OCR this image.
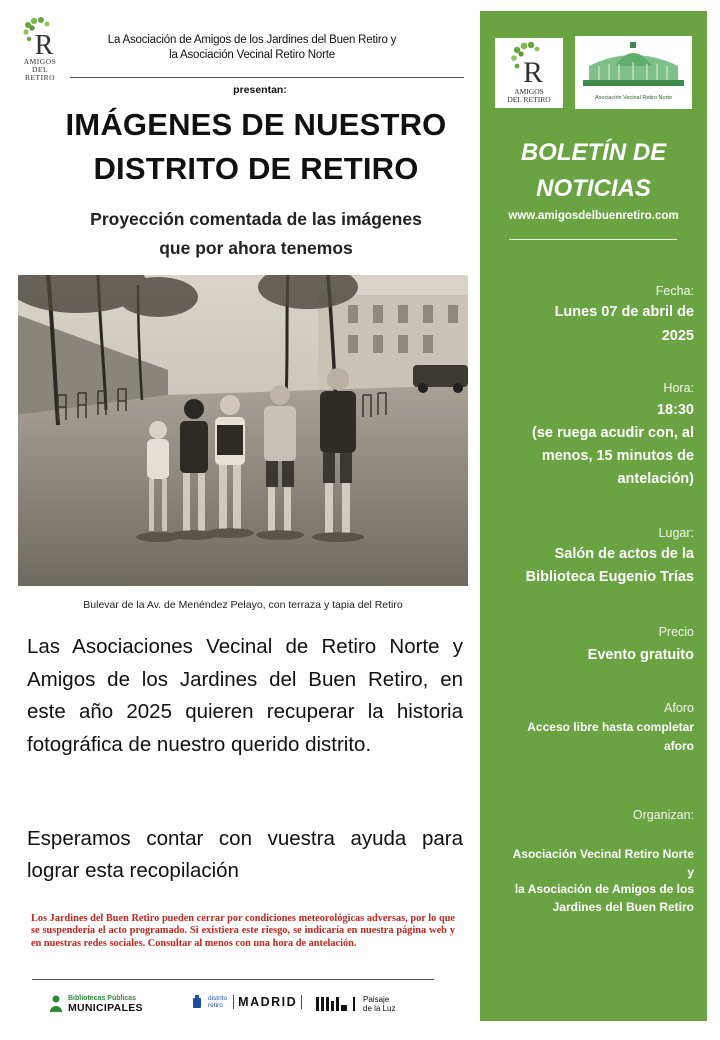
R
AMIGOS
DEL RETIRO
La Asociación de Amigos de los Jardines del Buen Retiro y
la Asociación Vecinal Retiro Norte
presentan:
IMÁGENES DE NUESTRO
DISTRITO DE RETIRO
Proyección comentada de las imágenes
que por ahora tenemos
Bulevar de la Av. de Menéndez Pelayo, con terraza y tapia del Retiro

Las Asociaciones Vecinal de Retiro Norte y Amigos de los Jardines del Buen Retiro, en este año 2025 quieren recuperar la historia fotográfica de nuestro querido distrito.

Esperamos contar con vuestra ayuda para lograr esta recopilación

Los Jardines del Buen Retiro pueden cerrar por condiciones meteorológicas adversas, por lo que se suspendería el acto programado. Si existiera este riesgo, se indicaría en nuestra página web y en nuestras redes sociales. Consultar al menos con una hora de antelación.

Bibliotecas Públicas
MUNICIPALES
distrito
retiro	MADRID	Paisaje
de la Luz
R
AMIGOS
DEL RETIRO	Asociación Vecinal Retiro Norte
BOLETÍN DE
NOTICIAS
www.amigosdelbuenretiro.com
Fecha:
Lunes 07 de abril de
2025
Hora:
18:30
(se ruega acudir con, al
menos, 15 minutos de
antelación)
Lugar:
Salón de actos de la
Biblioteca Eugenio Trías
Precio
Evento gratuito
Aforo
Acceso libre hasta completar
aforo
Organizan:
Asociación Vecinal Retiro Norte
y
la Asociación de Amigos de los
Jardines del Buen Retiro
